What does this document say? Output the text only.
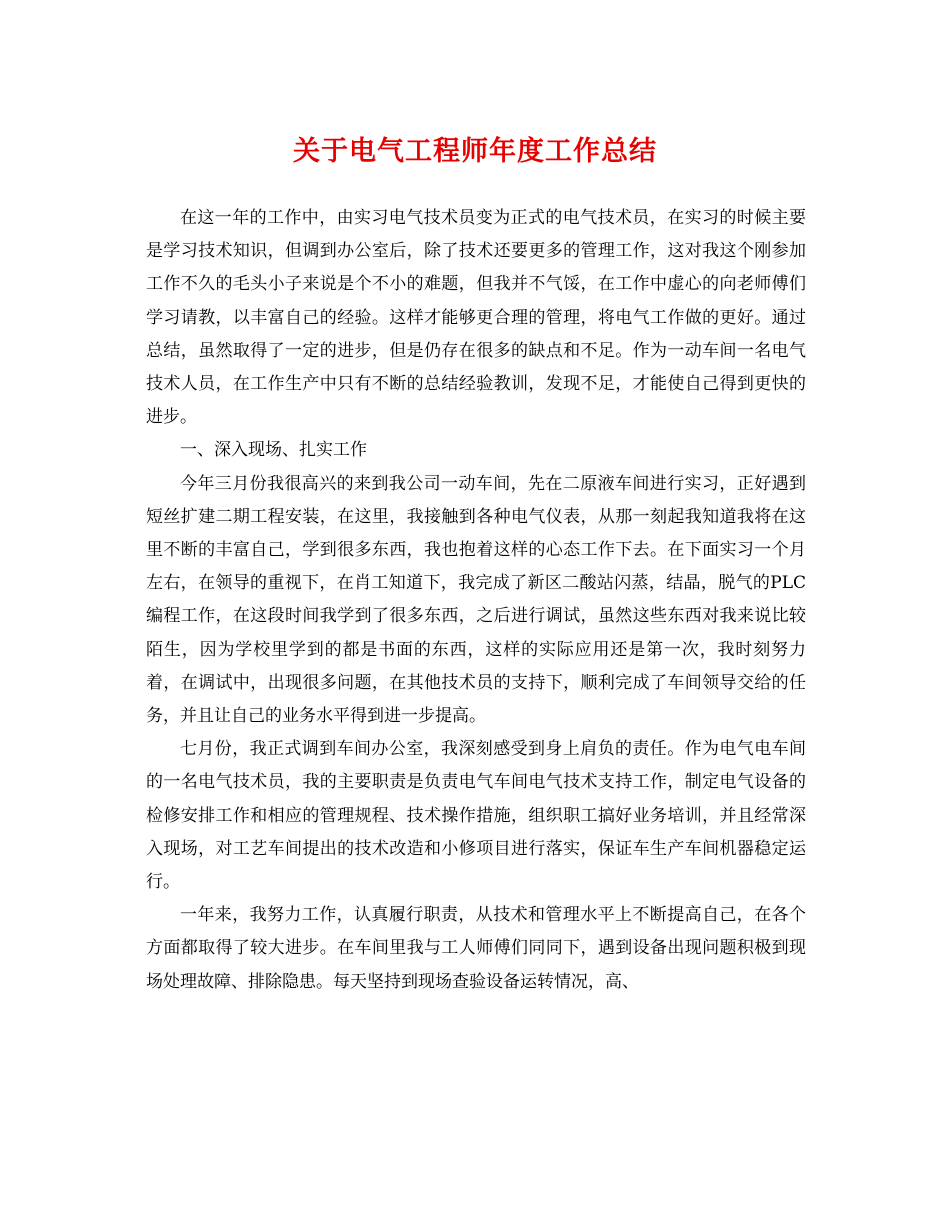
关于电气工程师年度工作总结

在这一年的工作中，由实习电气技术员变为正式的电气技术员，在实习的时候主要是学习技术知识，但调到办公室后，除了技术还要更多的管理工作，这对我这个刚参加工作不久的毛头小子来说是个不小的难题，但我并不气馁，在工作中虚心的向老师傅们学习请教，以丰富自己的经验。这样才能够更合理的管理，将电气工作做的更好。通过总结，虽然取得了一定的进步，但是仍存在很多的缺点和不足。作为一动车间一名电气技术人员，在工作生产中只有不断的总结经验教训，发现不足，才能使自己得到更快的进步。

一、深入现场、扎实工作

今年三月份我很高兴的来到我公司一动车间，先在二原液车间进行实习，正好遇到短丝扩建二期工程安装，在这里，我接触到各种电气仪表，从那一刻起我知道我将在这里不断的丰富自己，学到很多东西，我也抱着这样的心态工作下去。在下面实习一个月左右，在领导的重视下，在肖工知道下，我完成了新区二酸站闪蒸，结晶，脱气的PLC编程工作，在这段时间我学到了很多东西，之后进行调试，虽然这些东西对我来说比较陌生，因为学校里学到的都是书面的东西，这样的实际应用还是第一次，我时刻努力着，在调试中，出现很多问题，在其他技术员的支持下，顺利完成了车间领导交给的任务，并且让自己的业务水平得到进一步提高。

七月份，我正式调到车间办公室，我深刻感受到身上肩负的责任。作为电气电车间的一名电气技术员，我的主要职责是负责电气车间电气技术支持工作，制定电气设备的检修安排工作和相应的管理规程、技术操作措施，组织职工搞好业务培训，并且经常深入现场，对工艺车间提出的技术改造和小修项目进行落实，保证车生产车间机器稳定运行。

一年来，我努力工作，认真履行职责，从技术和管理水平上不断提高自己，在各个方面都取得了较大进步。在车间里我与工人师傅们同同下，遇到设备出现问题积极到现场处理故障、排除隐患。每天坚持到现场查验设备运转情况，高、
